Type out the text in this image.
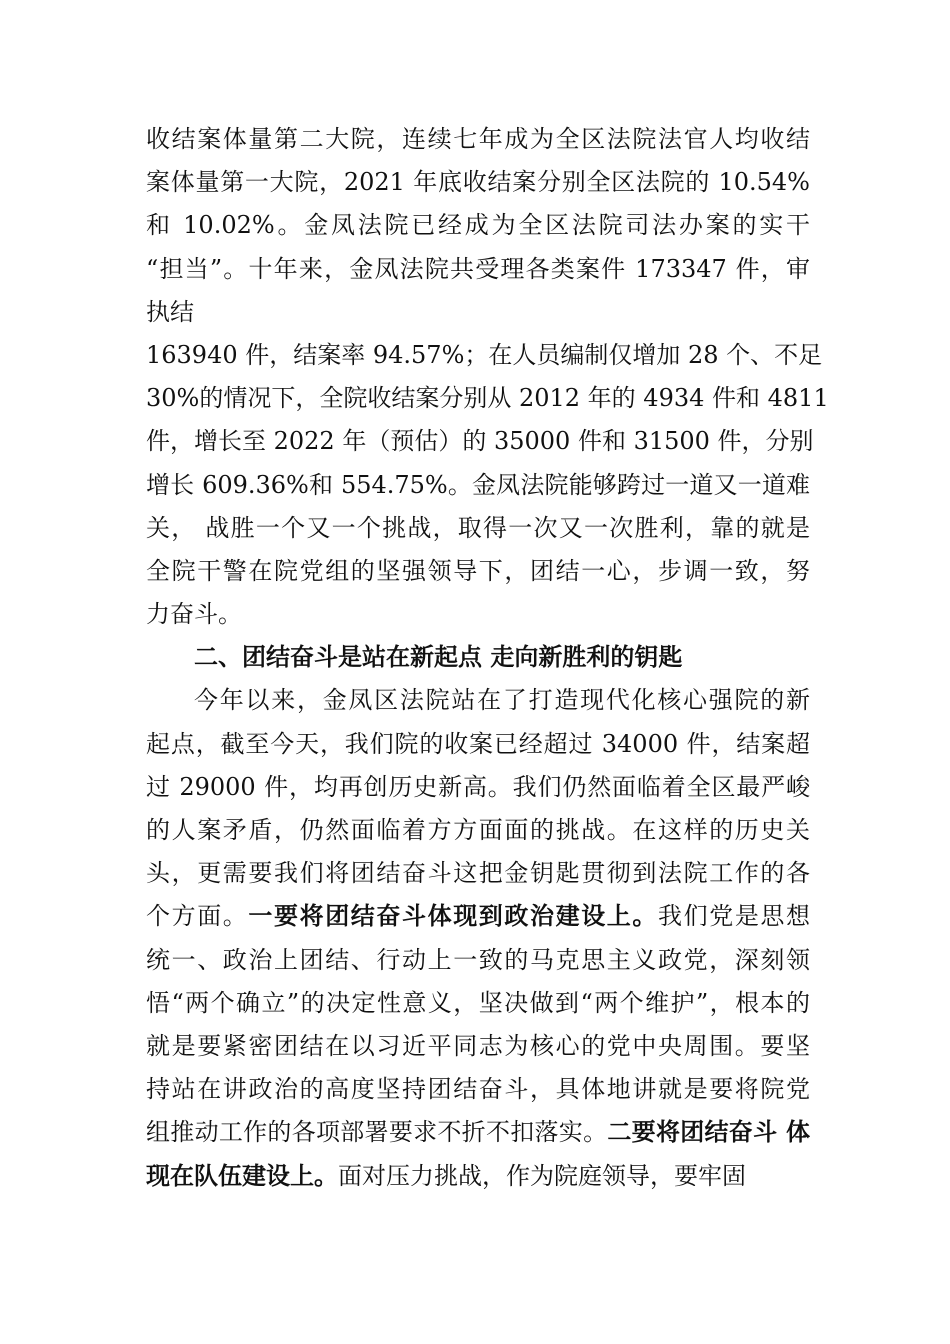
收结案体量第二大院，连续七年成为全区法院法官人均收结
案体量第一大院，2021 年底收结案分别全区法院的 10.54%
和 10.02%。金凤法院已经成为全区法院司法办案的实干
“担当”。十年来，金凤法院共受理各类案件 173347 件，审
执结
163940 件，结案率 94.57%；在人员编制仅增加 28 个、不足
30%的情况下，全院收结案分别从 2012 年的 4934 件和 4811
件，增长至 2022 年（预估）的 35000 件和 31500 件，分别
增长 609.36%和 554.75%。金凤法院能够跨过一道又一道难
关， 战胜一个又一个挑战，取得一次又一次胜利，靠的就是
全院干警在院党组的坚强领导下，团结一心，步调一致，努
力奋斗。
二、团结奋斗是站在新起点 走向新胜利的钥匙
今年以来，金凤区法院站在了打造现代化核心强院的新
起点，截至今天，我们院的收案已经超过 34000 件，结案超
过 29000 件，均再创历史新高。我们仍然面临着全区最严峻
的人案矛盾，仍然面临着方方面面的挑战。在这样的历史关
头，更需要我们将团结奋斗这把金钥匙贯彻到法院工作的各
个方面。一要将团结奋斗体现到政治建设上。我们党是思想
统一、政治上团结、行动上一致的马克思主义政党，深刻领
悟“两个确立”的决定性意义，坚决做到“两个维护”，根本的
就是要紧密团结在以习近平同志为核心的党中央周围。要坚
持站在讲政治的高度坚持团结奋斗，具体地讲就是要将院党
组推动工作的各项部署要求不折不扣落实。二要将团结奋斗 体
现在队伍建设上。面对压力挑战，作为院庭领导，要牢固
